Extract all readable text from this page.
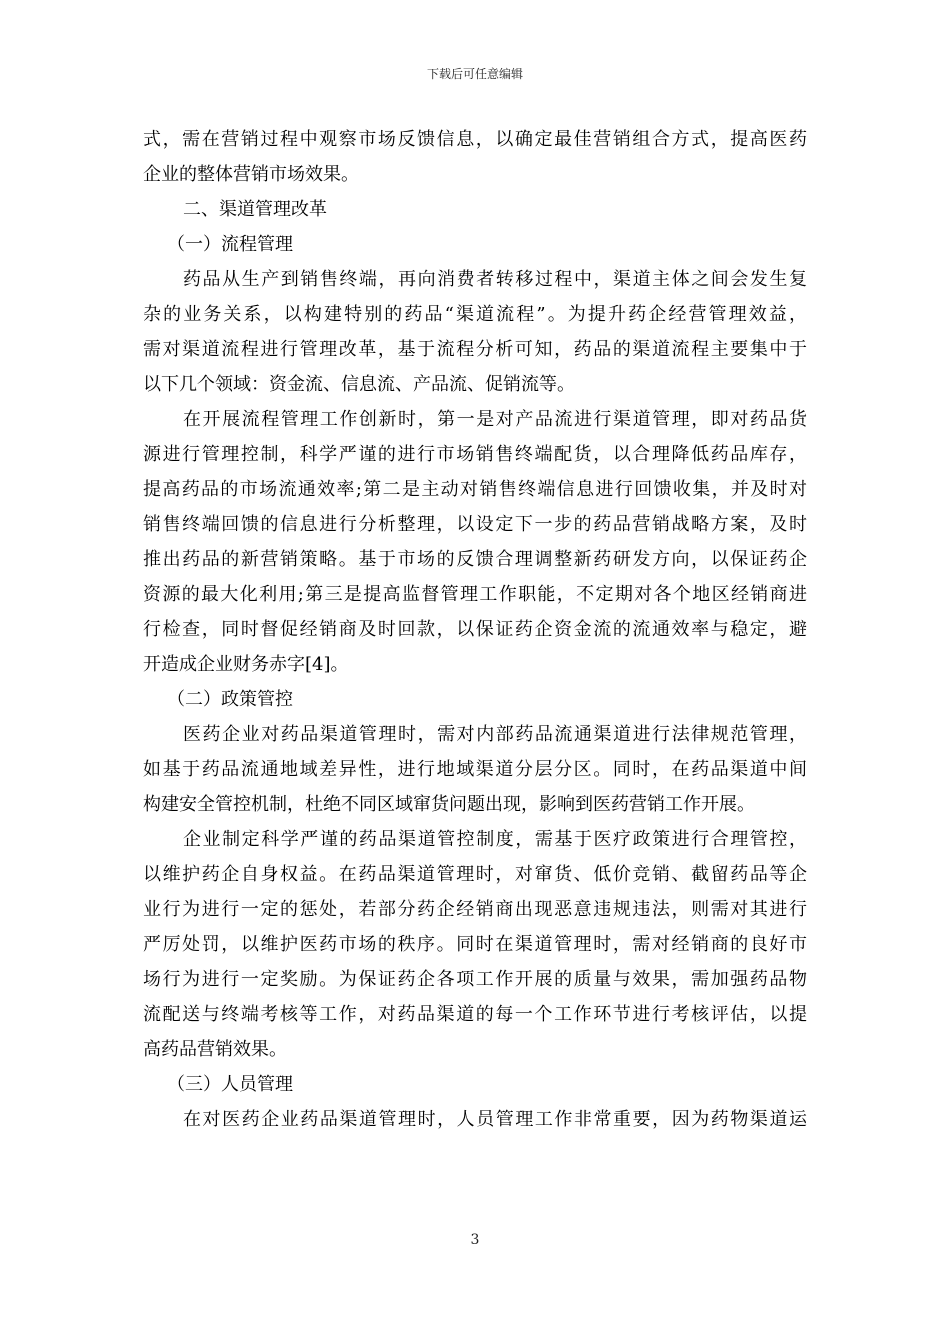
下载后可任意编辑
式，需在营销过程中观察市场反馈信息，以确定最佳营销组合方式，提高医药
企业的整体营销市场效果。
二、渠道管理改革
（一）流程管理
药品从生产到销售终端，再向消费者转移过程中，渠道主体之间会发生复
杂的业务关系，以构建特别的药品“渠道流程”。为提升药企经营管理效益，
需对渠道流程进行管理改革，基于流程分析可知，药品的渠道流程主要集中于
以下几个领域：资金流、信息流、产品流、促销流等。
在开展流程管理工作创新时，第一是对产品流进行渠道管理，即对药品货
源进行管理控制，科学严谨的进行市场销售终端配货，以合理降低药品库存，
提高药品的市场流通效率;第二是主动对销售终端信息进行回馈收集，并及时对
销售终端回馈的信息进行分析整理，以设定下一步的药品营销战略方案，及时
推出药品的新营销策略。基于市场的反馈合理调整新药研发方向，以保证药企
资源的最大化利用;第三是提高监督管理工作职能，不定期对各个地区经销商进
行检查，同时督促经销商及时回款，以保证药企资金流的流通效率与稳定，避
开造成企业财务赤字[4]。
（二）政策管控
医药企业对药品渠道管理时，需对内部药品流通渠道进行法律规范管理，
如基于药品流通地域差异性，进行地域渠道分层分区。同时，在药品渠道中间
构建安全管控机制，杜绝不同区域窜货问题出现，影响到医药营销工作开展。
企业制定科学严谨的药品渠道管控制度，需基于医疗政策进行合理管控，
以维护药企自身权益。在药品渠道管理时，对窜货、低价竞销、截留药品等企
业行为进行一定的惩处，若部分药企经销商出现恶意违规违法，则需对其进行
严厉处罚，以维护医药市场的秩序。同时在渠道管理时，需对经销商的良好市
场行为进行一定奖励。为保证药企各项工作开展的质量与效果，需加强药品物
流配送与终端考核等工作，对药品渠道的每一个工作环节进行考核评估，以提
高药品营销效果。
（三）人员管理
在对医药企业药品渠道管理时，人员管理工作非常重要，因为药物渠道运
3
